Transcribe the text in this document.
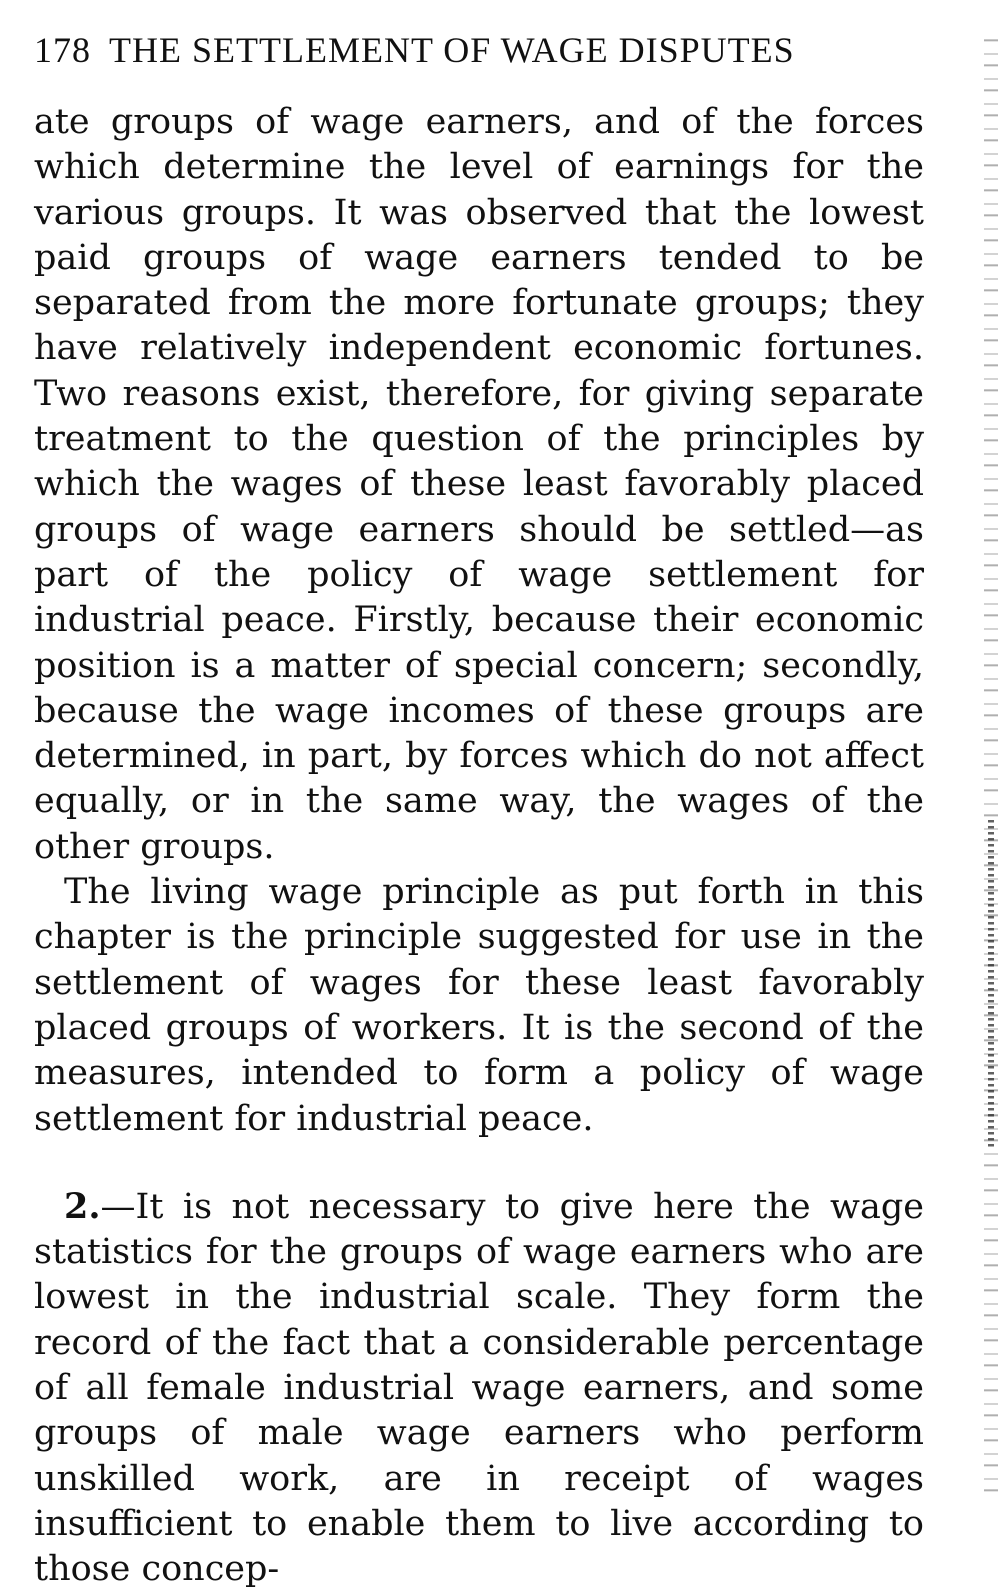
178 THE SETTLEMENT OF WAGE DISPUTES

ate groups of wage earners, and of the forces which determine the level of earnings for the various groups. It was observed that the lowest paid groups of wage earners tended to be separated from the more fortunate groups; they have relatively independent economic fortunes. Two reasons exist, therefore, for giving separate treatment to the question of the principles by which the wages of these least favorably placed groups of wage earners should be settled—as part of the policy of wage settlement for industrial peace. Firstly, because their economic position is a matter of special concern; secondly, because the wage incomes of these groups are determined, in part, by forces which do not affect equally, or in the same way, the wages of the other groups.

The living wage principle as put forth in this chapter is the principle suggested for use in the settlement of wages for these least favorably placed groups of workers. It is the second of the measures, intended to form a policy of wage settlement for industrial peace.

2.—It is not necessary to give here the wage statistics for the groups of wage earners who are lowest in the industrial scale. They form the record of the fact that a considerable percentage of all female industrial wage earners, and some groups of male wage earners who perform unskilled work, are in receipt of wages insufficient to enable them to live according to those concep-
